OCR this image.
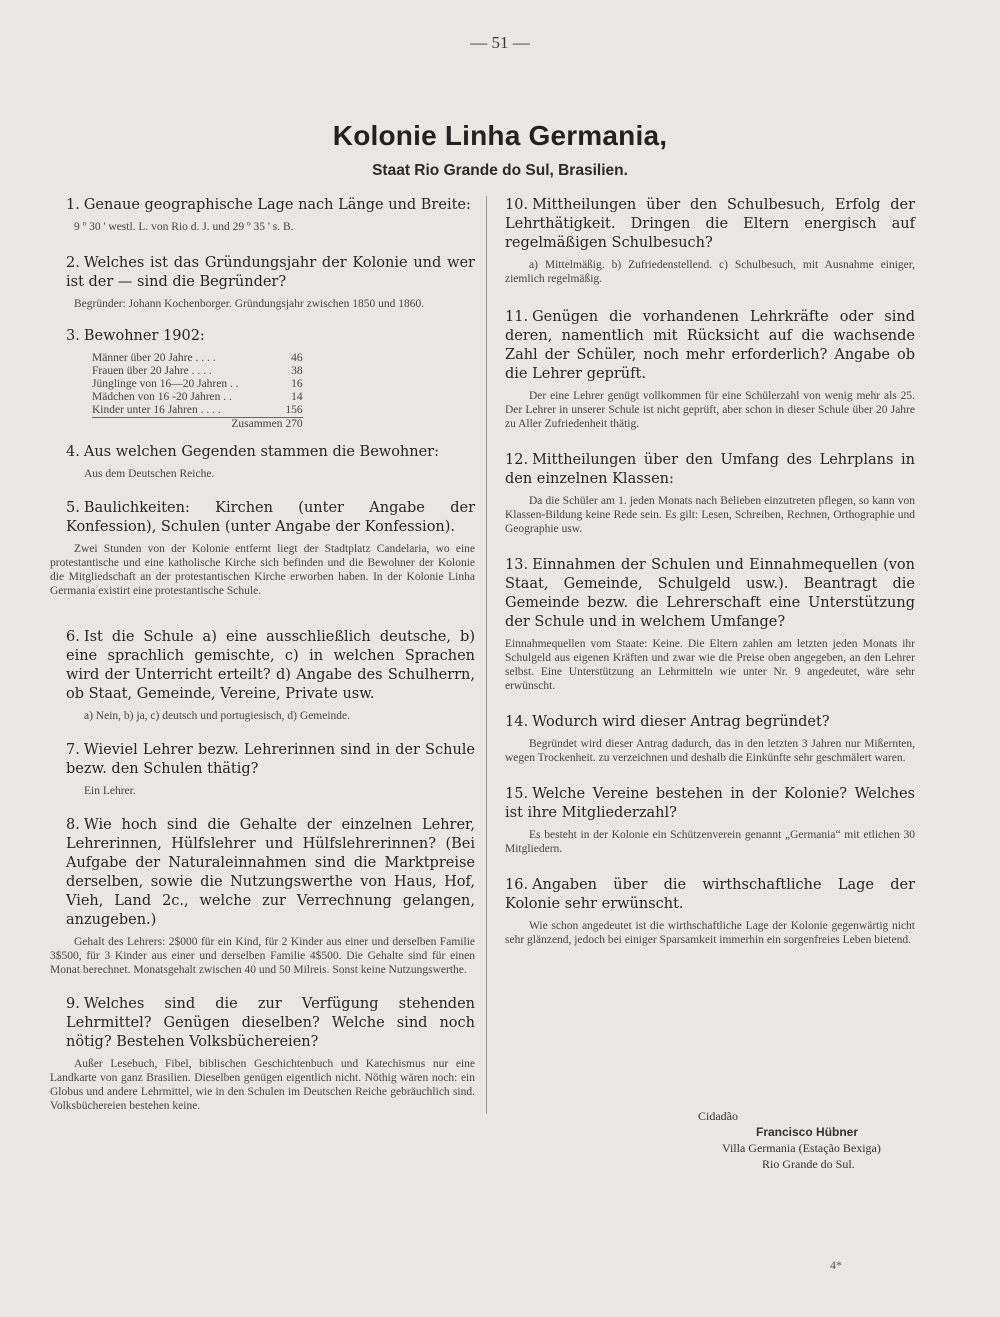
— 51 —
Kolonie Linha Germania,
Staat Rio Grande do Sul, Brasilien.
1. Genaue geographische Lage nach Länge und Breite:
9 º 30 ' westl. L. von Rio d. J. und 29 º 35 ' s. B.
2. Welches ist das Gründungsjahr der Kolonie und wer ist der — sind die Begründer?
Begründer: Johann Kochenborger. Gründungsjahr zwischen 1850 und 1860.
3. Bewohner 1902:
Männer über 20 Jahre . . . .	46
Frauen über 20 Jahre . . . .	38
Jünglinge von 16—20 Jahren . .	16
Mädchen von 16 -20 Jahren . .	14
Kinder unter 16 Jahren . . . .	156
Zusammen 270	
4. Aus welchen Gegenden stammen die Bewohner:
Aus dem Deutschen Reiche.
5. Baulichkeiten: Kirchen (unter Angabe der Konfession), Schulen (unter Angabe der Konfession).
Zwei Stunden von der Kolonie entfernt liegt der Stadtplatz Candelaria, wo eine protestantische und eine katholische Kirche sich befinden und die Bewohner der Kolonie die Mitgliedschaft an der protestantischen Kirche erworben haben. In der Kolonie Linha Germania existirt eine protestantische Schule.
6. Ist die Schule a) eine ausschließlich deutsche, b) eine sprachlich gemischte, c) in welchen Sprachen wird der Unterricht erteilt? d) Angabe des Schulherrn, ob Staat, Gemeinde, Vereine, Private usw.
a) Nein, b) ja, c) deutsch und portugiesisch, d) Gemeinde.
7. Wieviel Lehrer bezw. Lehrerinnen sind in der Schule bezw. den Schulen thätig?
Ein Lehrer.
8. Wie hoch sind die Gehalte der einzelnen Lehrer, Lehrerinnen, Hülfslehrer und Hülfslehrerinnen? (Bei Aufgabe der Naturaleinnahmen sind die Marktpreise derselben, sowie die Nutzungswerthe von Haus, Hof, Vieh, Land 2c., welche zur Verrechnung gelangen, anzugeben.)
Gehalt des Lehrers: 2$000 für ein Kind, für 2 Kinder aus einer und derselben Familie 3$500, für 3 Kinder aus einer und derselben Familie 4$500. Die Gehalte sind für einen Monat berechnet. Monatsgehalt zwischen 40 und 50 Milreis. Sonst keine Nutzungswerthe.
9. Welches sind die zur Verfügung stehenden Lehrmittel? Genügen dieselben? Welche sind noch nötig? Bestehen Volksbüchereien?
Außer Lesebuch, Fibel, biblischen Geschichtenbuch und Katechismus nur eine Landkarte von ganz Brasilien. Dieselben genügen eigentlich nicht. Nöthig wären noch: ein Globus und andere Lehrmittel, wie in den Schulen im Deutschen Reiche gebräuchlich sind. Volksbüchereien bestehen keine.
10. Mittheilungen über den Schulbesuch, Erfolg der Lehrthätigkeit. Dringen die Eltern energisch auf regelmäßigen Schulbesuch?
a) Mittelmäßig. b) Zufriedenstellend. c) Schulbesuch, mit Ausnahme einiger, ziemlich regelmäßig.
11. Genügen die vorhandenen Lehrkräfte oder sind deren, namentlich mit Rücksicht auf die wachsende Zahl der Schüler, noch mehr erforderlich? Angabe ob die Lehrer geprüft.
Der eine Lehrer genügt vollkommen für eine Schülerzahl von wenig mehr als 25. Der Lehrer in unserer Schule ist nicht geprüft, aber schon in dieser Schule über 20 Jahre zu Aller Zufriedenheit thätig.
12. Mittheilungen über den Umfang des Lehrplans in den einzelnen Klassen:
Da die Schüler am 1. jeden Monats nach Belieben einzutreten pflegen, so kann von Klassen-Bildung keine Rede sein. Es gilt: Lesen, Schreiben, Rechnen, Orthographie und Geographie usw.
13. Einnahmen der Schulen und Einnahmequellen (von Staat, Gemeinde, Schulgeld usw.). Beantragt die Gemeinde bezw. die Lehrerschaft eine Unterstützung der Schule und in welchem Umfange?
Einnahmequellen vom Staate: Keine. Die Eltern zahlen am letzten jeden Monats ihr Schulgeld aus eigenen Kräften und zwar wie die Preise oben angegeben, an den Lehrer selbst. Eine Unterstützung an Lehrmitteln wie unter Nr. 9 angedeutet, wäre sehr erwünscht.
14. Wodurch wird dieser Antrag begründet?
Begründet wird dieser Antrag dadurch, das in den letzten 3 Jahren nur Mißernten, wegen Trockenheit. zu verzeichnen und deshalb die Einkünfte sehr geschmälert waren.
15. Welche Vereine bestehen in der Kolonie? Welches ist ihre Mitgliederzahl?
Es besteht in der Kolonie ein Schützenverein genannt „Germania“ mit etlichen 30 Mitgliedern.
16. Angaben über die wirthschaftliche Lage der Kolonie sehr erwünscht.
Wie schon angedeutet ist die wirthschaftliche Lage der Kolonie gegenwärtig nicht sehr glänzend, jedoch bei einiger Sparsamkeit immerhin ein sorgenfreies Leben bietend.
Cidadão
Francisco Hübner
Villa Germania (Estação Bexiga)
Rio Grande do Sul.
4*
